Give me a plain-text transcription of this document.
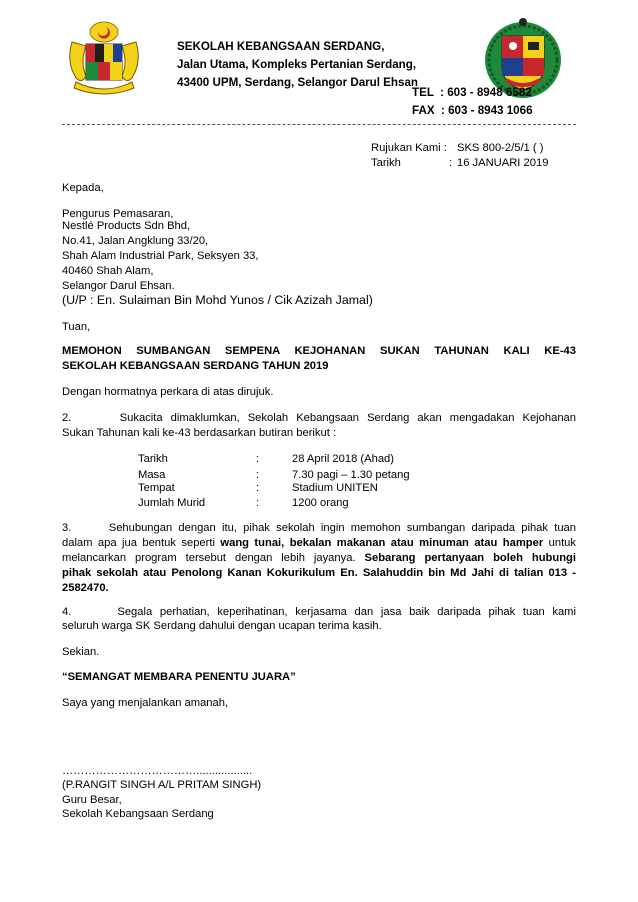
SEKOLAH KEBANGSAAN SERDANG,
Jalan Utama, Kompleks Pertanian Serdang,
43400 UPM, Serdang, Selangor Darul Ehsan
TEL  : 603 - 8948 6582
FAX  : 603 - 8943 1066
Rujukan Kami : SKS 800-2/5/1 ( )
Tarikh	: 16 JANUARI 2019
Kepada,
Pengurus Pemasaran,
Nestlé Products Sdn Bhd,
No.41, Jalan Angklung 33/20,
Shah Alam Industrial Park, Seksyen 33,
40460 Shah Alam,
Selangor Darul Ehsan.
(U/P : En. Sulaiman Bin Mohd Yunos / Cik Azizah Jamal)
Tuan,
MEMOHON SUMBANGAN SEMPENA KEJOHANAN SUKAN TAHUNAN KALI KE-43
SEKOLAH KEBANGSAAN SERDANG TAHUN 2019
Dengan hormatnya perkara di atas dirujuk.
2.      Sukacita dimaklumkan, Sekolah Kebangsaan Serdang akan mengadakan Kejohanan
Sukan Tahunan kali ke-43 berdasarkan butiran berikut :
Tarikh	:	28 April 2018 (Ahad)
Masa	:	7.30 pagi – 1.30 petang
Tempat	:	Stadium UNITEN
Jumlah Murid	:	1200 orang
3.      Sehubungan dengan itu, pihak sekolah ingin memohon sumbangan daripada pihak tuan
dalam apa jua bentuk seperti wang tunai, bekalan makanan atau minuman atau hamper untuk
melancarkan program tersebut dengan lebih jayanya. Sebarang pertanyaan boleh hubungi
pihak sekolah atau Penolong Kanan Kokurikulum En. Salahuddin bin Md Jahi di talian 013 -
2582470.
4.      Segala perhatian, keperihatinan, kerjasama dan jasa baik daripada pihak tuan kami
seluruh warga SK Serdang dahului dengan ucapan terima kasih.
Sekian.
“SEMANGAT MEMBARA PENENTU JUARA”
Saya yang menjalankan amanah,
………………………………..................
(P.RANGIT SINGH A/L PRITAM SINGH)
Guru Besar,
Sekolah Kebangsaan Serdang
